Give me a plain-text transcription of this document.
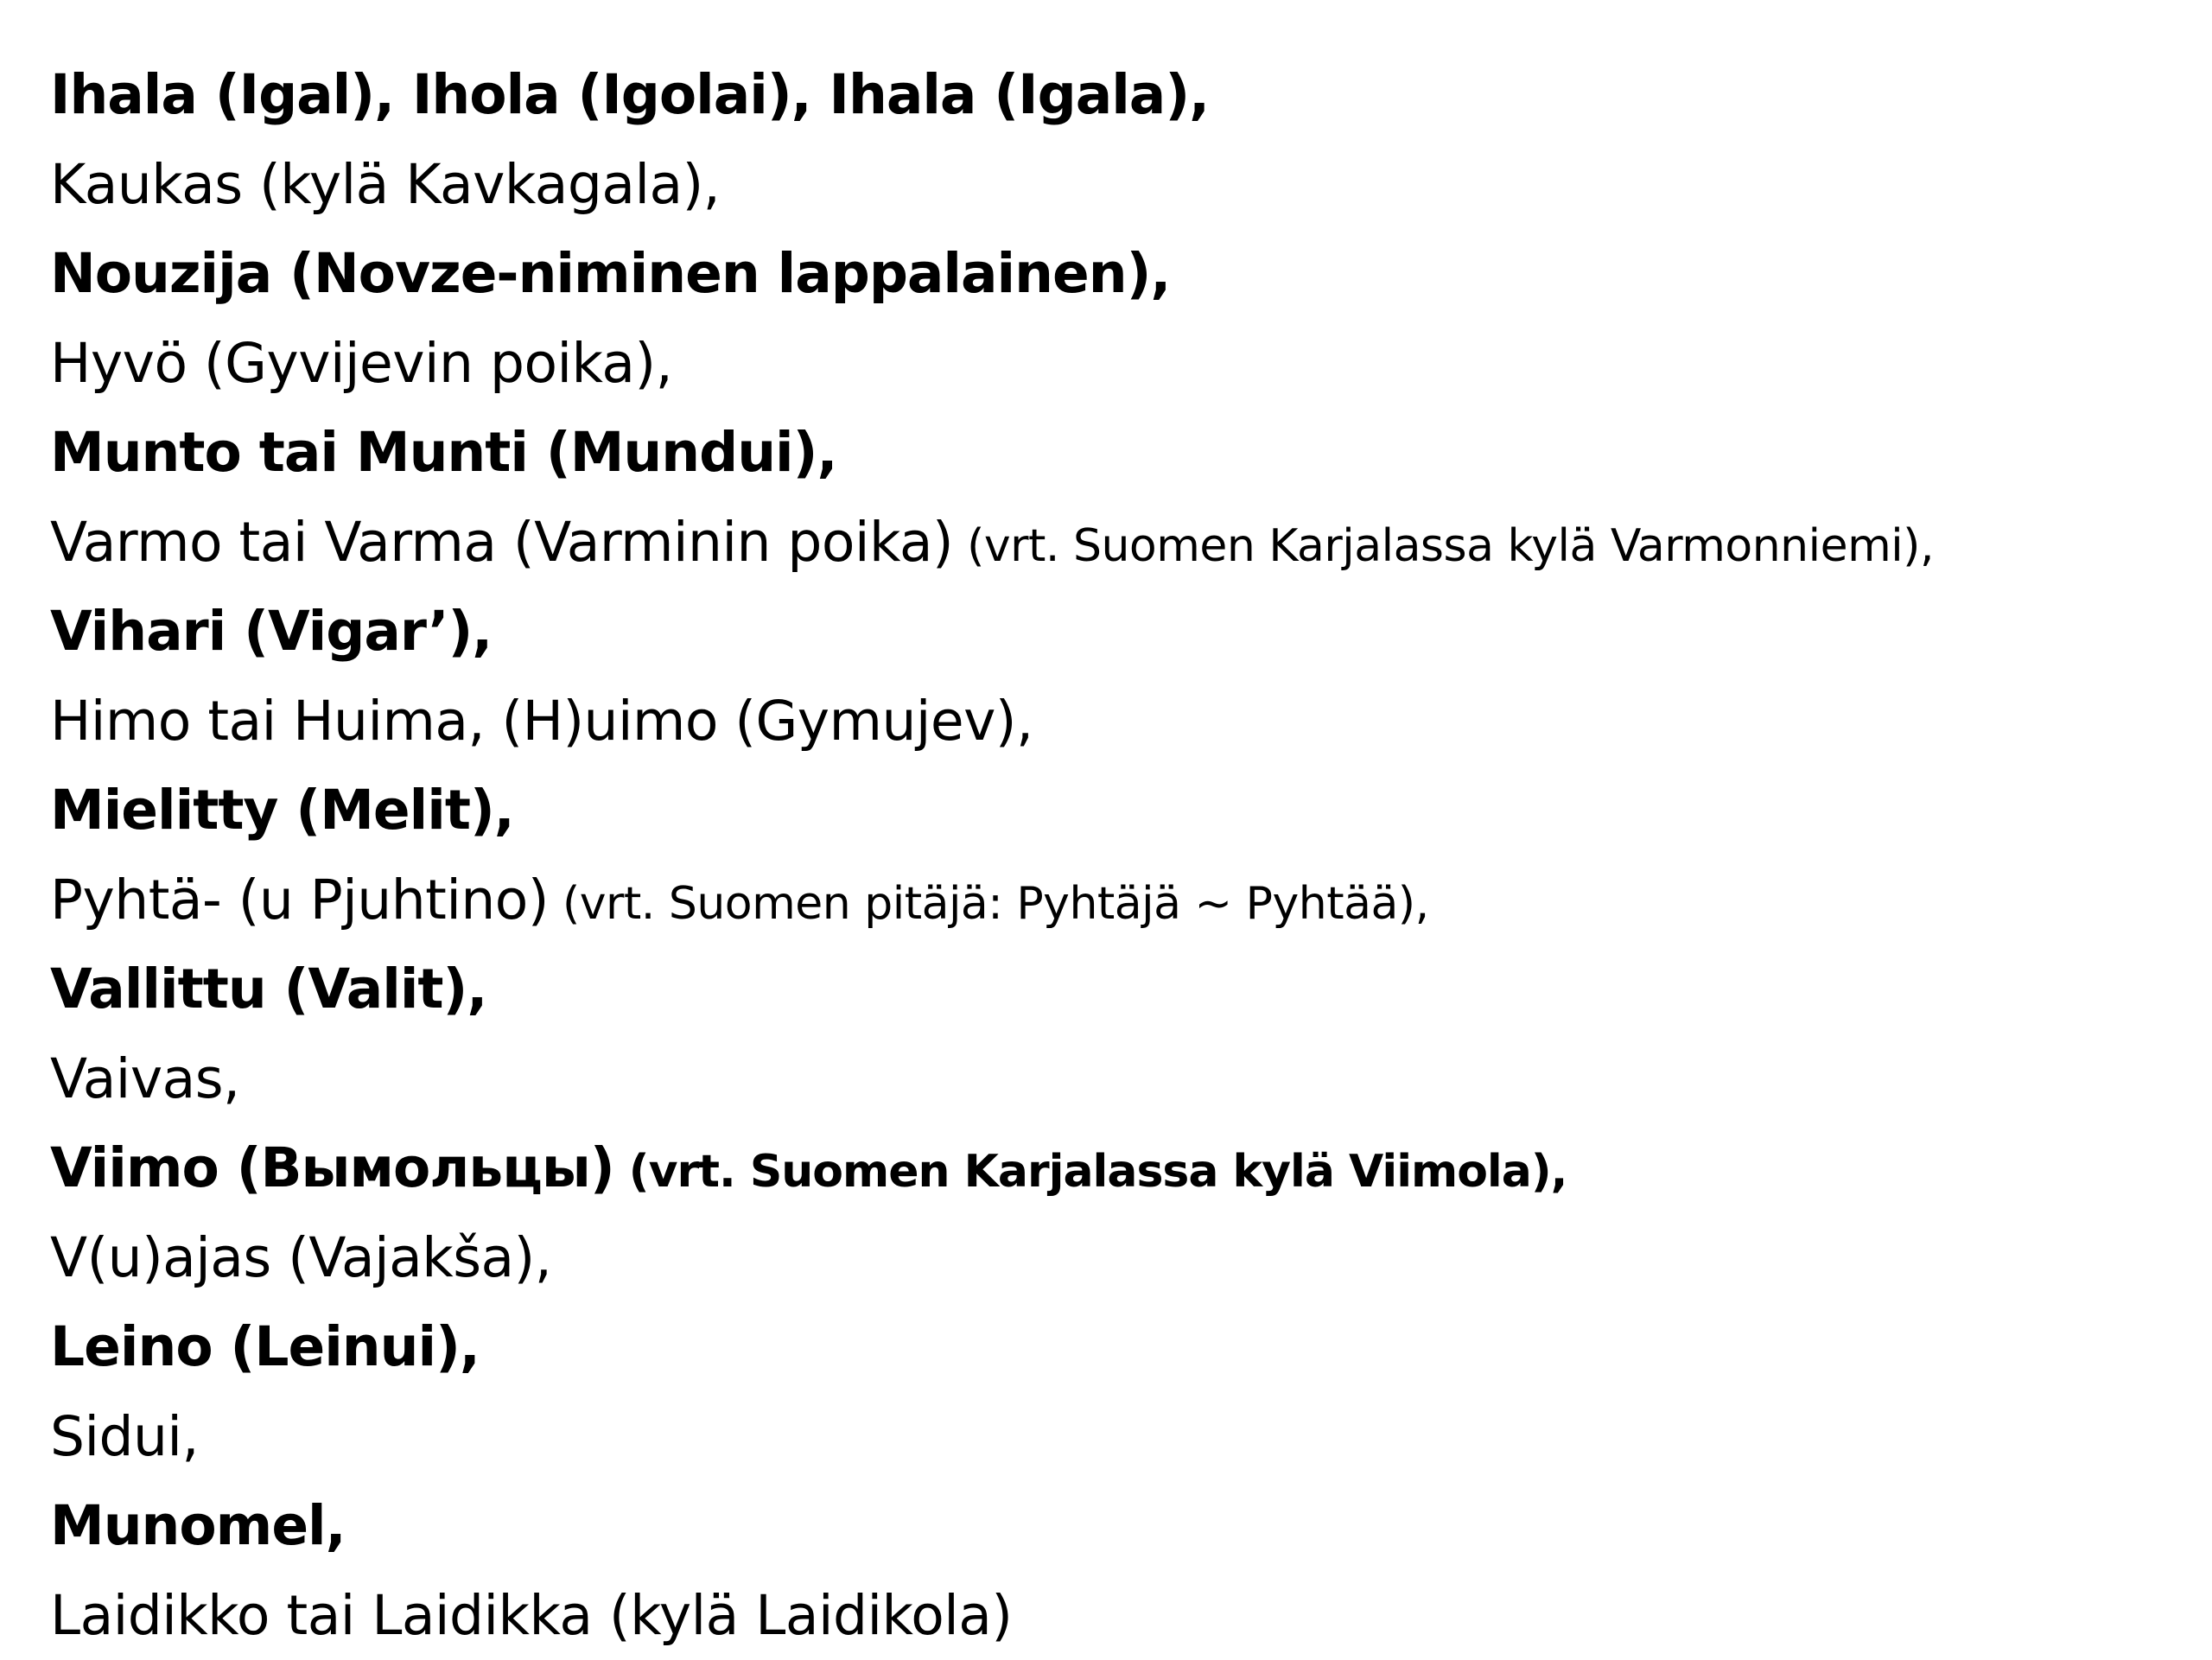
Ihala (Igal), Ihola (Igolai), Ihala (Igala),
Kaukas (kylä Kavkagala),
Nouzija (Novze-niminen lappalainen),
Hyvö (Gyvijevin poika),
Munto tai Munti (Mundui),
Varmo tai Varma (Varminin poika) (vrt. Suomen Karjalassa kylä Varmonniemi),
Vihari (Vigar’),
Himo tai Huima, (H)uimo (Gymujev),
Mielitty (Melit),
Pyhtä- (u Pjuhtino) (vrt. Suomen pitäjä: Pyhtäjä ~ Pyhtää),
Vallittu (Valit),
Vaivas,
Viimo (Вымольцы) (vrt. Suomen Karjalassa kylä Viimola),
V(u)ajas (Vajakša),
Leino (Leinui),
Sidui,
Munomel,
Laidikko tai Laidikka (kylä Laidikola)
